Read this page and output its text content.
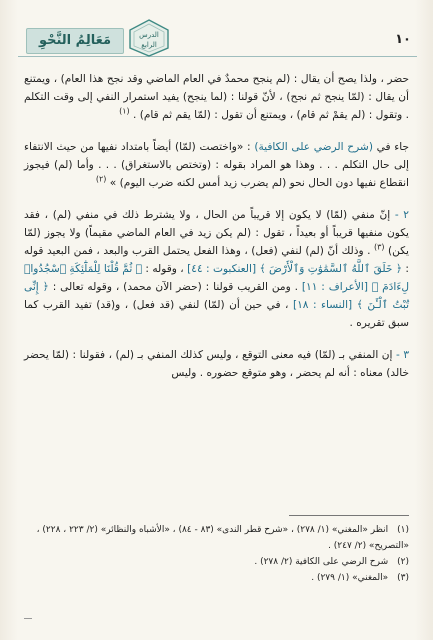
مَعَالِمُ النَّحْوِ	الدرس
الرابع	١٠

حضر ، ولذا يصح أن يقال : (لم ينجح محمدٌ في العام الماضي وقد نجح هذا العام) ، ويمتنع أن يقال : (لمّا ينجح ثم نجح) ، لأنّ قولنا : (لما ينجح) يفيد استمرار النفي إلى وقت التكلم . وتقول : (لم يقمْ ثم قام) ، ويمتنع أن تقول : (لمّا يقم ثم قام) . $^{(١)}$

جاء في (شرح الرضي على الكافية) : «واختصت (لمّا) أيضاً بامتداد نفيها من حيث الانتفاء إلى حال التكلم . . . وهذا هو المراد بقوله : (وتختص بالاستغراق) . . . وأما (لم) فيجوز انقطاع نفيها دون الحال نحو (لم يضرب زيد أمس لكنه ضرب اليوم) » $^{(٢)}$

٢ - إنّ منفي (لمّا) لا يكون إلا قريباً من الحال ، ولا يشترط ذلك في منفي (لم) ، فقد يكون منفيها قريباً أو بعيداً ، تقول : (لم يكن زيد في العام الماضي مقيماً) ولا يجوز (لمّا يكن) $^{(٣)}$ . وذلك أنّ (لم) لنفي (فعل) ، وهذا الفعل يحتمل القرب والبعد ، فمن البعيد قوله : ﴿ خَلَقَ ٱللَّهُ ٱلسَّمَٰوَٰتِ وَٱلْأَرْضَ ﴾ [العنكبوت : ٤٤] ، وقوله : ﴿ ثُمَّ قُلْنَا لِلْمَلَٰٓئِكَةِ ٱسْجُدُوا۟ لِءَادَمَ ﴾ [الأعراف : ١١] . ومن القريب قولنا : (حضر الآن محمد) ، وقوله تعالى : ﴿ إِنِّى تُبْتُ ٱلْـَٰٔنَ ﴾ [النساء : ١٨] ، في حين أن (لمّا) لنفي (قد فعل) ، و(قد) تفيد القرب كما سبق تقريره .

٣ - إن المنفي بـ (لمّا) فيه معنى التوقع ، وليس كذلك المنفي بـ (لم) ، فقولنا : (لمّا يحضر خالد) معناه : أنه لم يحضر ، وهو متوقع حضوره . وليس

(١) انظر «المغني» (١/ ٢٧٨) ، «شرح قطر الندى» (٨٣ - ٨٤) ، «الأشباه والنظائر» (٢/ ٢٢٣ ، ٢٢٨) ، «التصريح» (٢/ ٢٤٧) .
(٢) شرح الرضي على الكافية (٢/ ٢٧٨) .
(٣) «المغني» (١/ ٢٧٩) .
